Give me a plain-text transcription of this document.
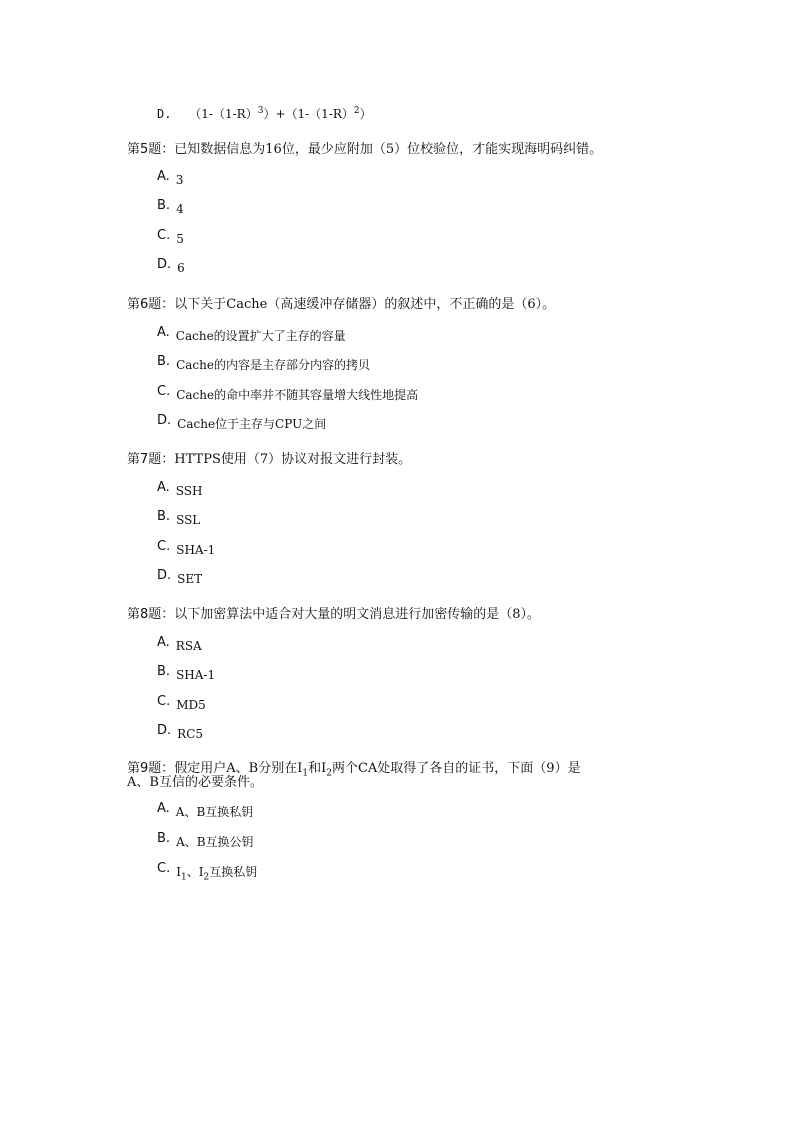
D. $(1-(1-R)^3)+(1-(1-R)^2)$
第5题：已知数据信息为16位，最少应附加（5）位校验位，才能实现海明码纠错。
A. 3
B. 4
C. 5
D. 6
第6题：以下关于Cache（高速缓冲存储器）的叙述中，不正确的是（6）。
A. Cache的设置扩大了主存的容量
B. Cache的内容是主存部分内容的拷贝
C. Cache的命中率并不随其容量增大线性地提高
D. Cache位于主存与CPU之间
第7题：HTTPS使用（7）协议对报文进行封装。
A. SSH
B. SSL
C. SHA-1
D. SET
第8题：以下加密算法中适合对大量的明文消息进行加密传输的是（8）。
A. RSA
B. SHA-1
C. MD5
D. RC5
第9题：假定用户A、B分别在$I_1$和$I_2$两个CA处取得了各自的证书，下面（9）是
A、B互信的必要条件。
A. A、B互换私钥
B. A、B互换公钥
C. $I_1$、$I_2$互换私钥
